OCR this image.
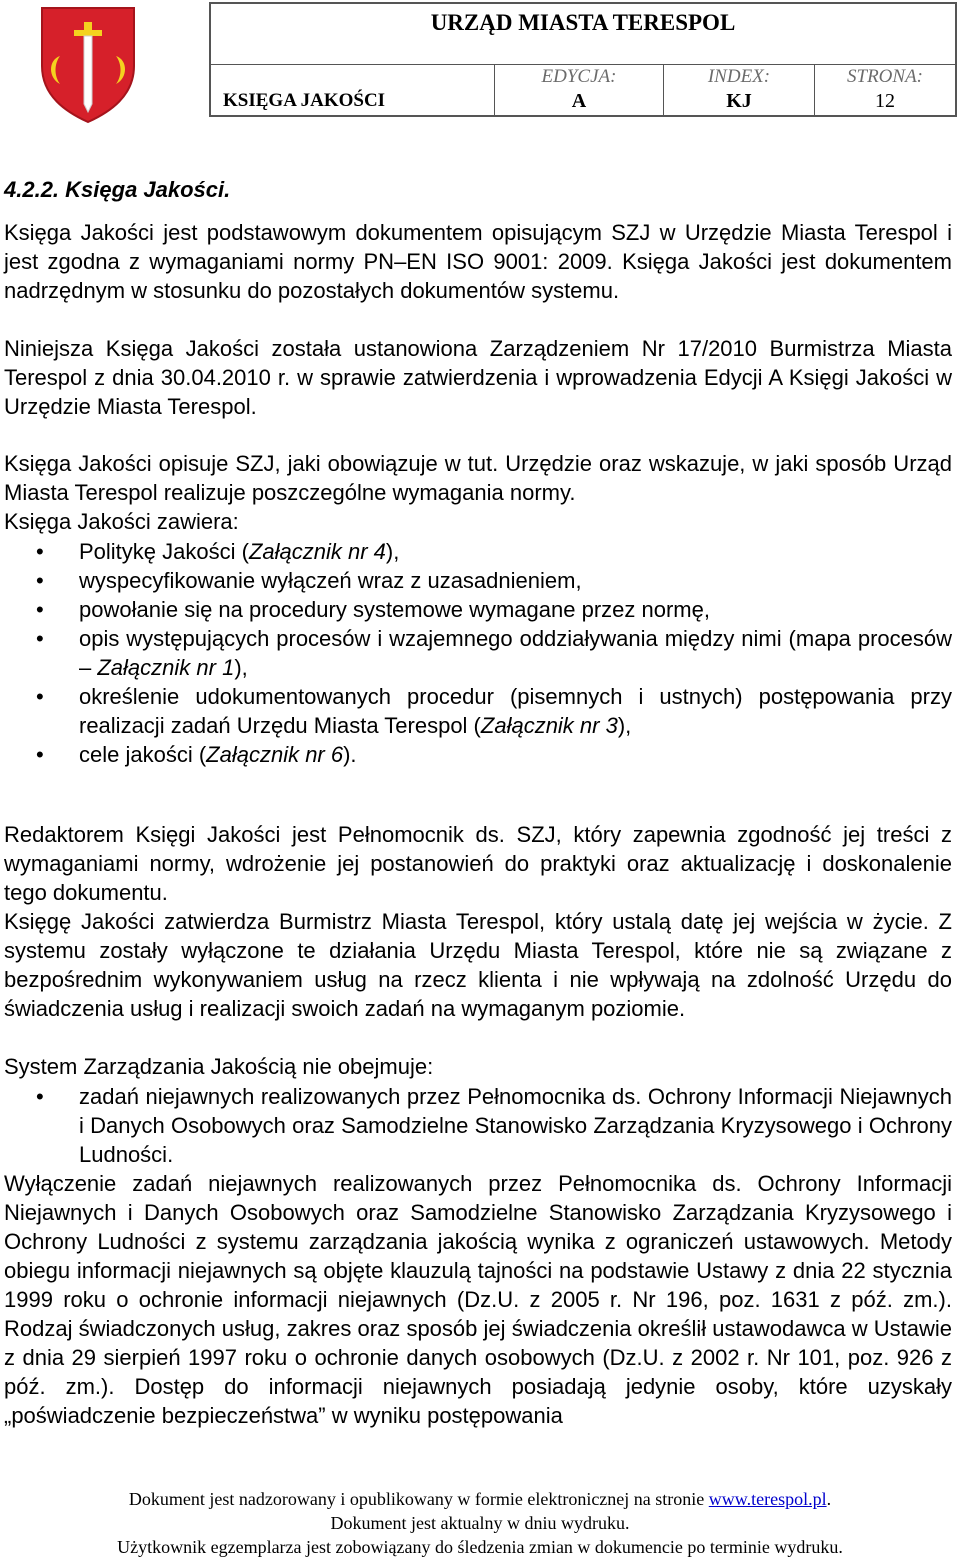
URZĄD MIASTA TERESPOL
KSIĘGA JAKOŚCI
EDYCJA:
A
INDEX:
KJ
STRONA:
12
4.2.2. Księga Jakości.

Księga Jakości jest podstawowym dokumentem opisującym SZJ w Urzędzie Miasta Terespol i jest zgodna z wymaganiami normy PN–EN ISO 9001: 2009. Księga Jakości jest dokumentem nadrzędnym w stosunku do pozostałych dokumentów systemu.

Niniejsza Księga Jakości została ustanowiona Zarządzeniem Nr 17/2010 Burmistrza Miasta Terespol z dnia 30.04.2010 r. w sprawie zatwierdzenia i wprowadzenia Edycji A Księgi Jakości w Urzędzie Miasta Terespol.

Księga Jakości opisuje SZJ, jaki obowiązuje w tut. Urzędzie oraz wskazuje, w jaki sposób Urząd Miasta Terespol realizuje poszczególne wymagania normy.

Księga Jakości zawiera:

• Politykę Jakości (Załącznik nr 4),
• wyspecyfikowanie wyłączeń wraz z uzasadnieniem,
• powołanie się na procedury systemowe wymagane przez normę,
• opis występujących procesów i wzajemnego oddziaływania między nimi (mapa procesów – Załącznik nr 1),
• określenie udokumentowanych procedur (pisemnych i ustnych) postępowania przy realizacji zadań Urzędu Miasta Terespol (Załącznik nr 3),
• cele jakości (Załącznik nr 6).

Redaktorem Księgi Jakości jest Pełnomocnik ds. SZJ, który zapewnia zgodność jej treści z wymaganiami normy, wdrożenie jej postanowień do praktyki oraz aktualizację i doskonalenie tego dokumentu.

Księgę Jakości zatwierdza Burmistrz Miasta Terespol, który ustalą datę jej wejścia w życie. Z systemu zostały wyłączone te działania Urzędu Miasta Terespol, które nie są związane z bezpośrednim wykonywaniem usług na rzecz klienta i nie wpływają na zdolność Urzędu do świadczenia usług i realizacji swoich zadań na wymaganym poziomie.

System Zarządzania Jakością nie obejmuje:

• zadań niejawnych realizowanych przez Pełnomocnika ds. Ochrony Informacji Niejawnych i Danych Osobowych oraz Samodzielne Stanowisko Zarządzania Kryzysowego i Ochrony Ludności.

Wyłączenie zadań niejawnych realizowanych przez Pełnomocnika ds. Ochrony Informacji Niejawnych i Danych Osobowych oraz Samodzielne Stanowisko Zarządzania Kryzysowego i Ochrony Ludności z systemu zarządzania jakością wynika z ograniczeń ustawowych. Metody obiegu informacji niejawnych są objęte klauzulą tajności na podstawie Ustawy z dnia 22 stycznia 1999 roku o ochronie informacji niejawnych (Dz.U. z 2005 r. Nr 196, poz. 1631 z póź. zm.). Rodzaj świadczonych usług, zakres oraz sposób jej świadczenia określił ustawodawca w Ustawie z dnia 29 sierpień 1997 roku o ochronie danych osobowych (Dz.U. z 2002 r. Nr 101, poz. 926 z póź. zm.). Dostęp do informacji niejawnych posiadają jedynie osoby, które uzyskały „poświadczenie bezpieczeństwa” w wyniku postępowania

Dokument jest nadzorowany i opublikowany w formie elektronicznej na stronie www.terespol.pl.
Dokument jest aktualny w dniu wydruku.
Użytkownik egzemplarza jest zobowiązany do śledzenia zmian w dokumencie po terminie wydruku.
